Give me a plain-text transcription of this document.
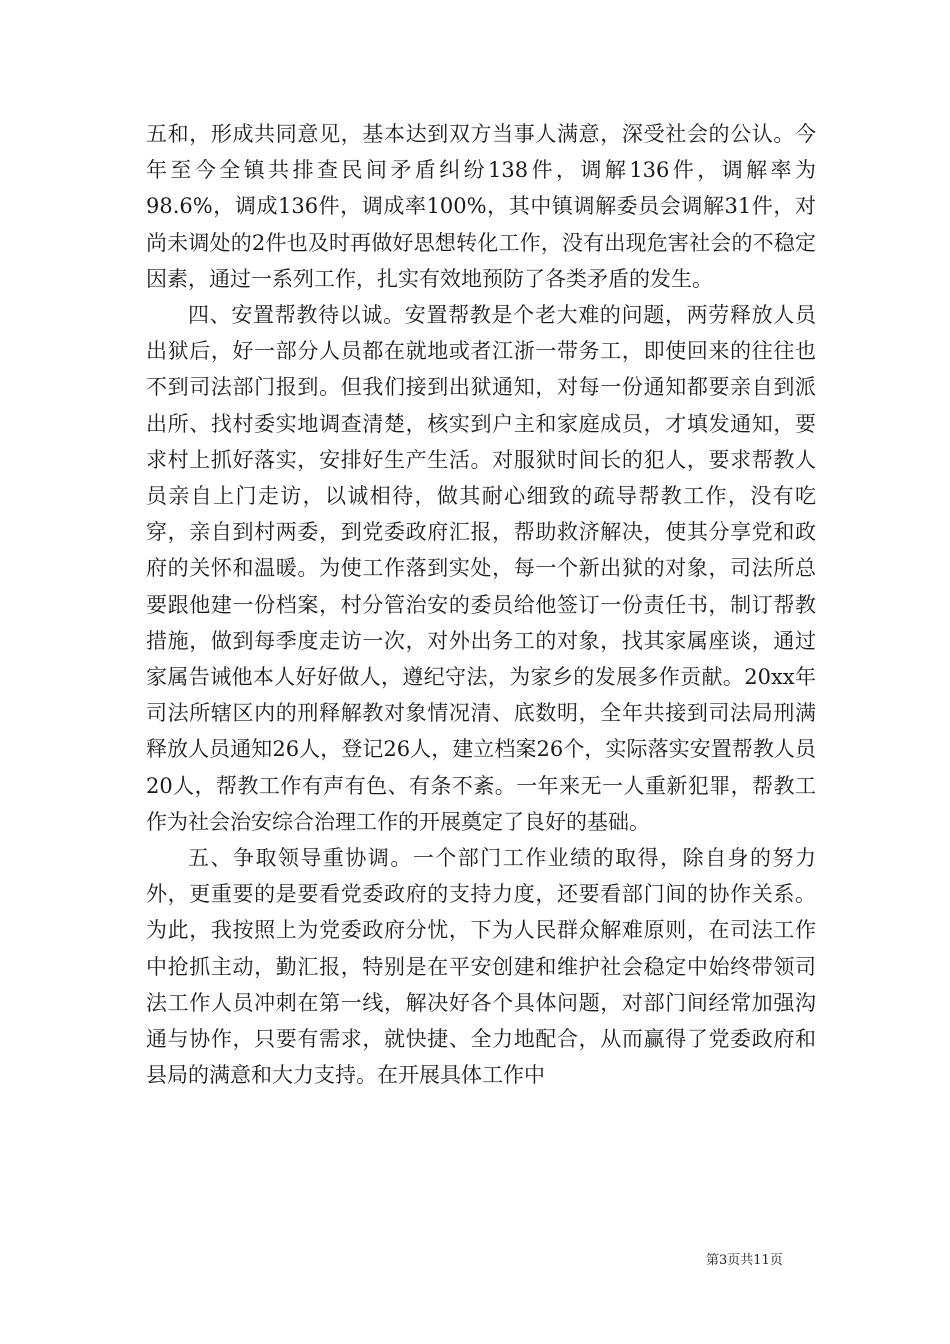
五和，形成共同意见，基本达到双方当事人满意，深受社会的公认。今年至今全镇共排查民间矛盾纠纷138件，调解136件，调解率为98.6%，调成136件，调成率100%，其中镇调解委员会调解31件，对尚未调处的2件也及时再做好思想转化工作，没有出现危害社会的不稳定因素，通过一系列工作，扎实有效地预防了各类矛盾的发生。

四、安置帮教待以诚。安置帮教是个老大难的问题，两劳释放人员出狱后，好一部分人员都在就地或者江浙一带务工，即使回来的往往也不到司法部门报到。但我们接到出狱通知，对每一份通知都要亲自到派出所、找村委实地调查清楚，核实到户主和家庭成员，才填发通知，要求村上抓好落实，安排好生产生活。对服狱时间长的犯人，要求帮教人员亲自上门走访，以诚相待，做其耐心细致的疏导帮教工作，没有吃穿，亲自到村两委，到党委政府汇报，帮助救济解决，使其分享党和政府的关怀和温暖。为使工作落到实处，每一个新出狱的对象，司法所总要跟他建一份档案，村分管治安的委员给他签订一份责任书，制订帮教措施，做到每季度走访一次，对外出务工的对象，找其家属座谈，通过家属告诫他本人好好做人，遵纪守法，为家乡的发展多作贡献。20xx年司法所辖区内的刑释解教对象情况清、底数明，全年共接到司法局刑满释放人员通知26人，登记26人，建立档案26个，实际落实安置帮教人员20人，帮教工作有声有色、有条不紊。一年来无一人重新犯罪，帮教工作为社会治安综合治理工作的开展奠定了良好的基础。

五、争取领导重协调。一个部门工作业绩的取得，除自身的努力外，更重要的是要看党委政府的支持力度，还要看部门间的协作关系。为此，我按照上为党委政府分忧，下为人民群众解难原则，在司法工作中抢抓主动，勤汇报，特别是在平安创建和维护社会稳定中始终带领司法工作人员冲刺在第一线，解决好各个具体问题，对部门间经常加强沟通与协作，只要有需求，就快捷、全力地配合，从而赢得了党委政府和县局的满意和大力支持。在开展具体工作中

第3页共11页
